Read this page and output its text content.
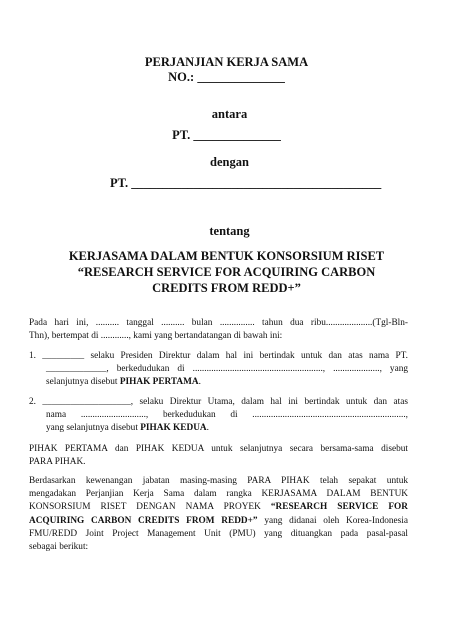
PERJANJIAN KERJA SAMA
NO.: ______________
antara
PT. ______________
dengan
PT. ________________________________________
tentang
KERJASAMA DALAM BENTUK KONSORSIUM RISET
“RESEARCH SERVICE FOR ACQUIRING CARBON
CREDITS FROM REDD+”
Pada hari ini, .......... tanggal .......... bulan ............... tahun dua ribu....................(Tgl-Bln-
Thn), bertempat di ............, kami yang bertandatangan di bawah ini:
1. _________ selaku Presiden Direktur dalam hal ini bertindak untuk dan atas nama PT.
_____________, berkedudukan di ........................................................, ...................., yang
selanjutnya disebut PIHAK PERTAMA.
2. ___________________, selaku Direktur Utama, dalam hal ini bertindak untuk dan atas
nama ............................, berkedudukan di ..................................................................,
yang selanjutnya disebut PIHAK KEDUA.
PIHAK PERTAMA dan PIHAK KEDUA untuk selanjutnya secara bersama-sama disebut
PARA PIHAK.
Berdasarkan kewenangan jabatan masing-masing PARA PIHAK telah sepakat untuk
mengadakan Perjanjian Kerja Sama dalam rangka KERJASAMA DALAM BENTUK
KONSORSIUM RISET DENGAN NAMA PROYEK “RESEARCH SERVICE FOR
ACQUIRING CARBON CREDITS FROM REDD+” yang didanai oleh Korea-Indonesia
FMU/REDD Joint Project Management Unit (PMU) yang dituangkan pada pasal-pasal
sebagai berikut:
